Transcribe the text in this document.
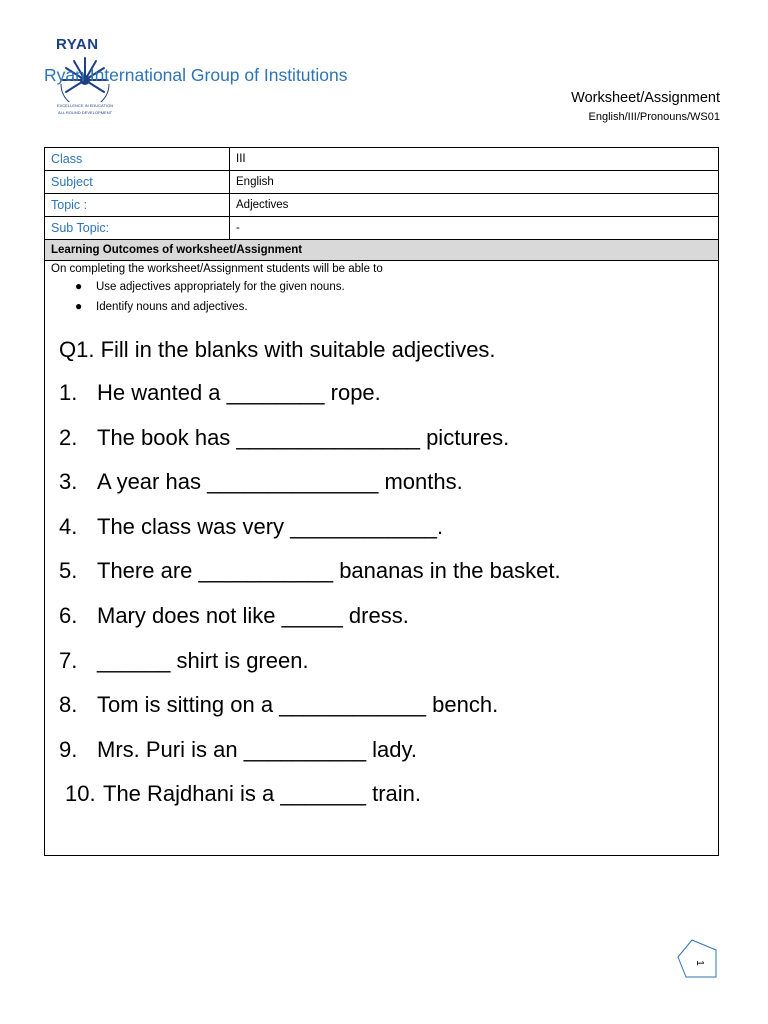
RYAN
EXCELLENCE IN EDUCATION
ALL ROUND DEVELOPMENT
Ryan International Group of Institutions
Worksheet/Assignment
English/III/Pronouns/WS01
Class	III
Subject	English
Topic :	Adjectives
Sub Topic:	-
Learning Outcomes of worksheet/Assignment
On completing the worksheet/Assignment students will be able to
● Use adjectives appropriately for the given nouns.
● Identify nouns and adjectives.
Q1. Fill in the blanks with suitable adjectives.
1. He wanted a ________ rope.
2. The book has _______________ pictures.
3. A year has ______________ months.
4. The class was very ____________.
5. There are ___________ bananas in the basket.
6. Mary does not like _____ dress.
7. ______ shirt is green.
8. Tom is sitting on a ____________ bench.
9. Mrs. Puri is an __________ lady.
10. The Rajdhani is a _______ train.
1
